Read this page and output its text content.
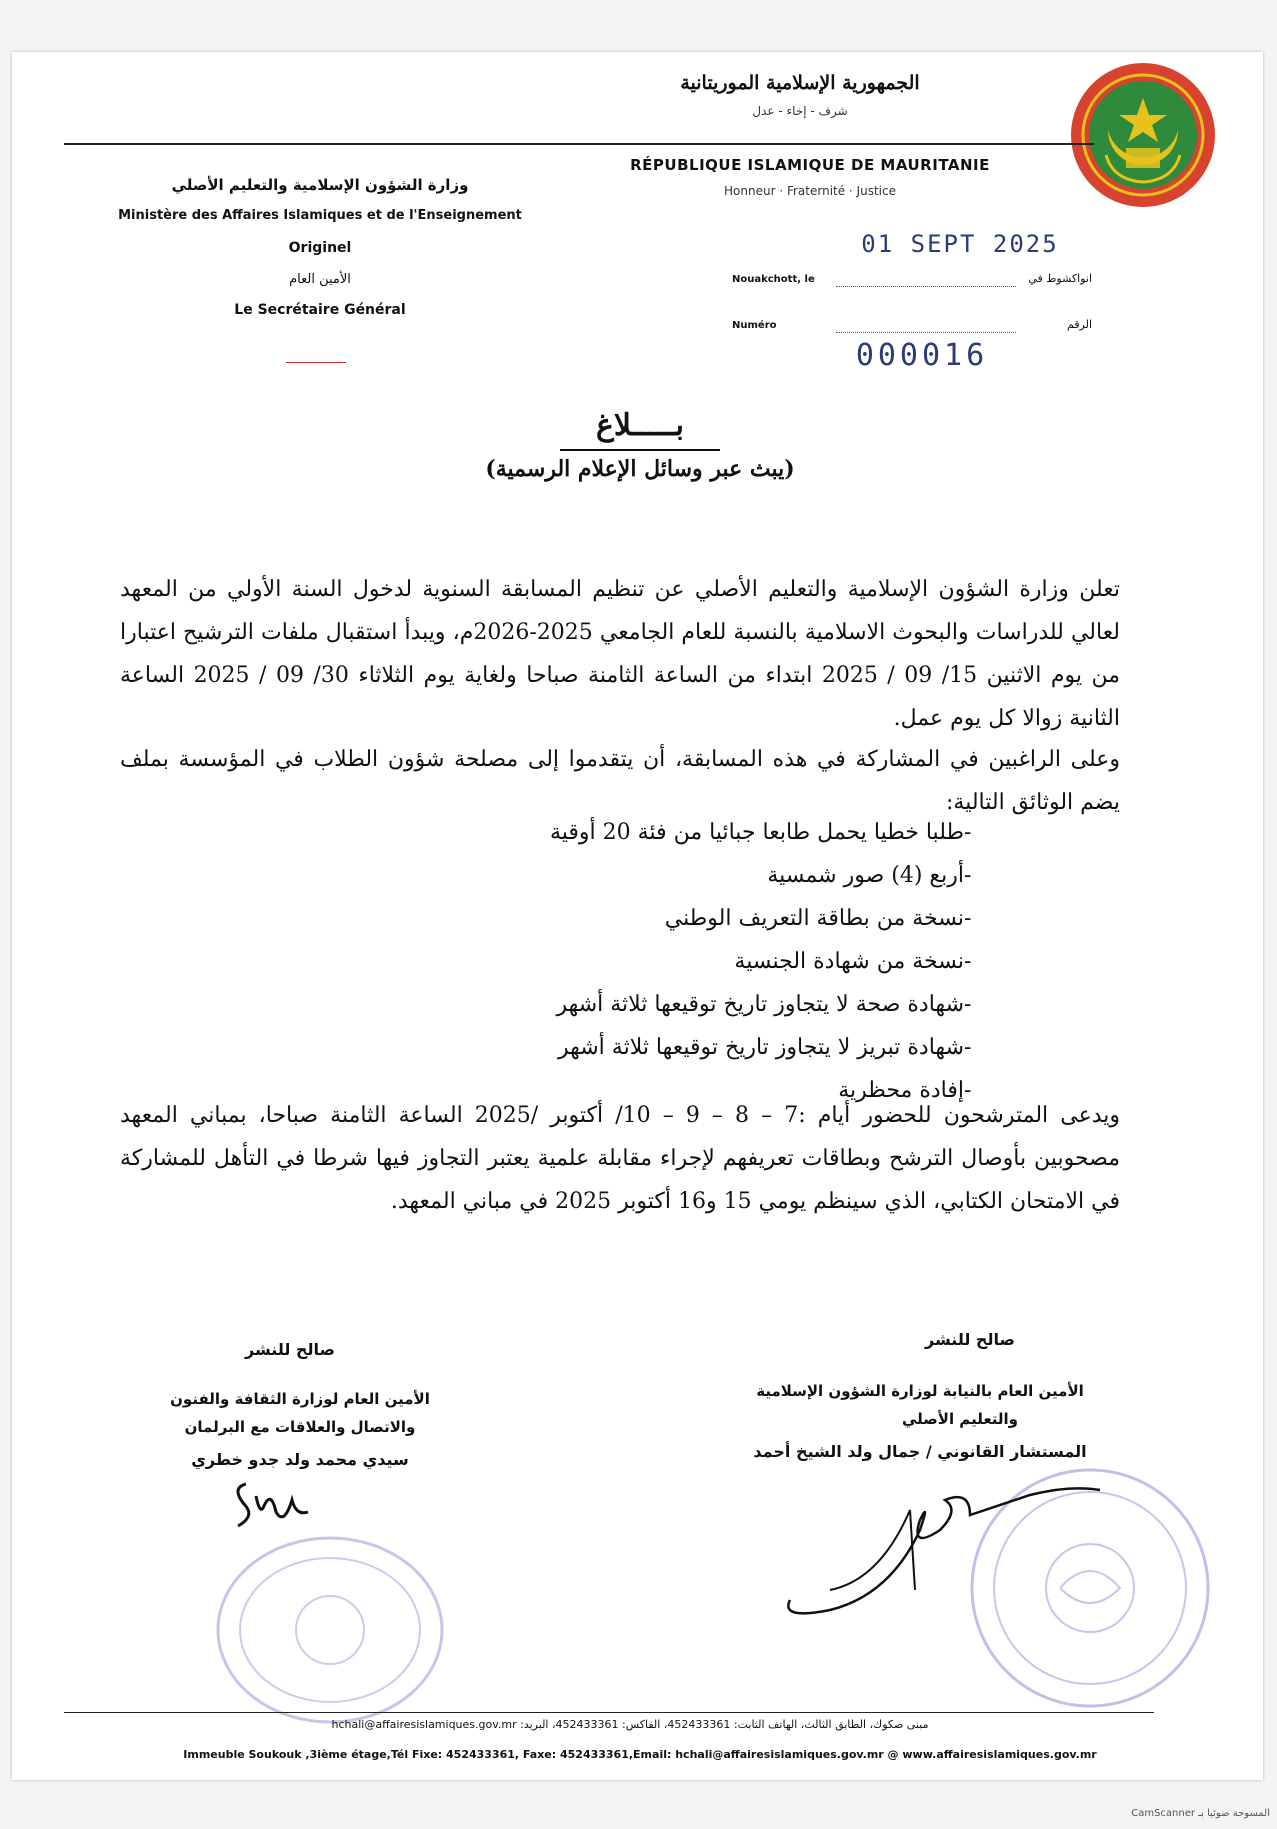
الجمهورية الإسلامية الموريتانية
شرف - إخاء - عدل
RÉPUBLIQUE ISLAMIQUE DE MAURITANIE
Honneur · Fraternité · Justice
وزارة الشؤون الإسلامية والتعليم الأصلي
Ministère des Affaires Islamiques et de l'Enseignement
Originel
الأمين العام
Le Secrétaire Général
01 SEPT 2025
Nouakchott, le	انواكشوط في
Numéro	الرقم
000016
بـــــلاغ
(يبث عبر وسائل الإعلام الرسمية)
تعلن وزارة الشؤون الإسلامية والتعليم الأصلي عن تنظيم المسابقة السنوية لدخول السنة الأولي من المعهد لعالي للدراسات والبحوث الاسلامية بالنسبة للعام الجامعي 2025-2026م، ويبدأ استقبال ملفات الترشيح اعتبارا من يوم الاثنين 15/ 09 / 2025 ابتداء من الساعة الثامنة صباحا ولغاية يوم الثلاثاء 30/ 09 / 2025 الساعة الثانية زوالا كل يوم عمل.
وعلى الراغبين في المشاركة في هذه المسابقة، أن يتقدموا إلى مصلحة شؤون الطلاب في المؤسسة بملف يضم الوثائق التالية:
-طلبا خطيا يحمل طابعا جبائيا من فئة 20 أوقية
-أربع (4) صور شمسية
-نسخة من بطاقة التعريف الوطني
-نسخة من شهادة الجنسية
-شهادة صحة لا يتجاوز تاريخ توقيعها ثلاثة أشهر
-شهادة تبريز لا يتجاوز تاريخ توقيعها ثلاثة أشهر
-إفادة محظرية
ويدعى المترشحون للحضور أيام :7 – 8 – 9 – 10/ أكتوبر /2025 الساعة الثامنة صباحا، بمباني المعهد مصحوبين بأوصال الترشح وبطاقات تعريفهم لإجراء مقابلة علمية يعتبر التجاوز فيها شرطا في التأهل للمشاركة في الامتحان الكتابي، الذي سينظم يومي 15 و16 أكتوبر 2025 في مباني المعهد.
صالح للنشر
الأمين العام بالنيابة لوزارة الشؤون الإسلامية
والتعليم الأصلي
المستشار القانوني / جمال ولد الشيخ أحمد
صالح للنشر
الأمين العام لوزارة الثقافة والفنون
والاتصال والعلاقات مع البرلمان
سيدي محمد ولد جدو خطري
مبنى صكوك، الطابق الثالث، الهاتف الثابت: 452433361، الفاكس: 452433361، البريد: hchali@affairesislamiques.gov.mr
Immeuble Soukouk ,3ième étage,Tél Fixe: 452433361, Faxe: 452433361,Email: hchali@affairesislamiques.gov.mr @ www.affairesislamiques.gov.mr
CamScanner المسوحة ضوئيا بـ
